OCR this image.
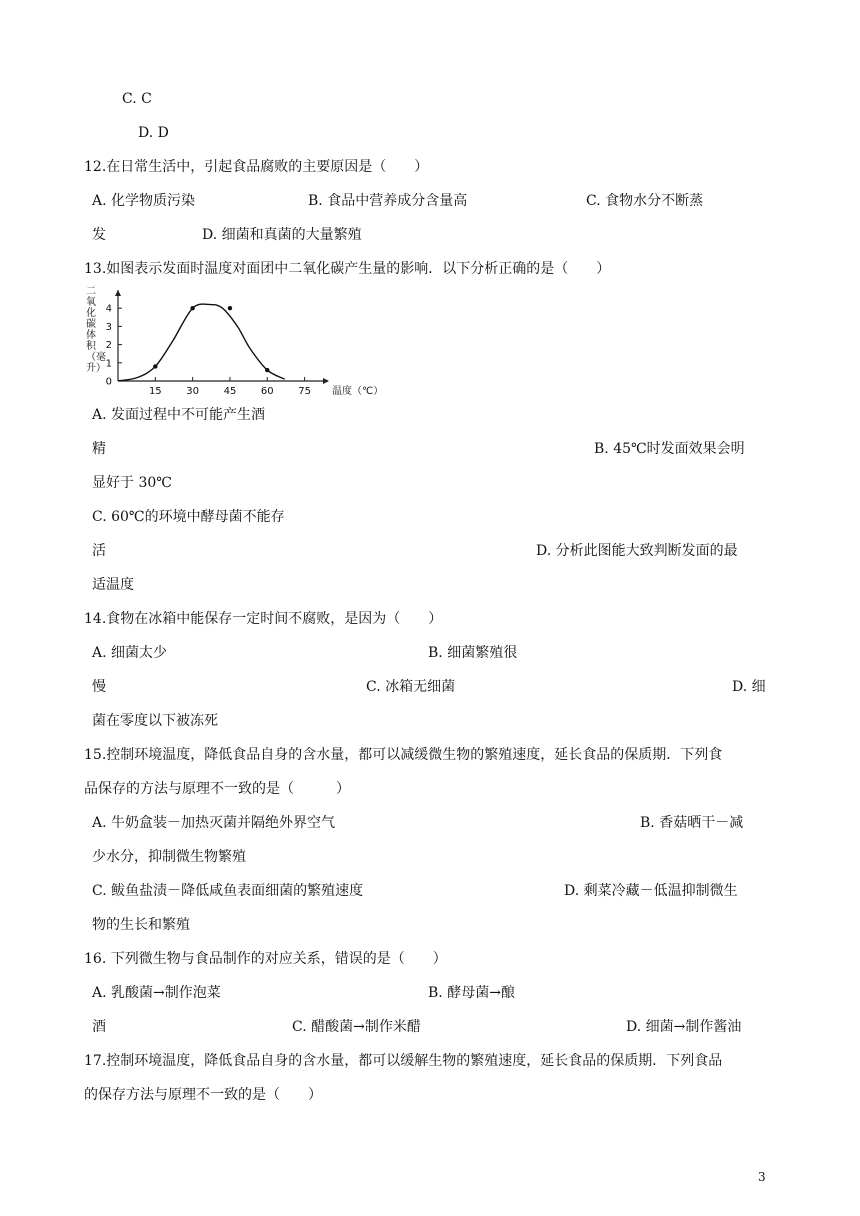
C. C
D. D
12.在日常生活中，引起食品腐败的主要原因是（　　）
A. 化学物质污染	B. 食品中营养成分含量高	C. 食物水分不断蒸
发	D. 细菌和真菌的大量繁殖
13.如图表示发面时温度对面团中二氧化碳产生量的影响．以下分析正确的是（　　）
二氧化碳体积（毫升）
0
1
2
3
4
15 30 45 60 75 温度（℃）
A. 发面过程中不可能产生酒
精	B. 45℃时发面效果会明
显好于 30℃
C. 60℃的环境中酵母菌不能存
活	D. 分析此图能大致判断发面的最
适温度
14.食物在冰箱中能保存一定时间不腐败，是因为（　　）
A. 细菌太少	B. 细菌繁殖很
慢	C. 冰箱无细菌	D. 细
菌在零度以下被冻死
15.控制环境温度，降低食品自身的含水量，都可以减缓微生物的繁殖速度，延长食品的保质期．下列食
品保存的方法与原理不一致的是（　　　）
A. 牛奶盒装－加热灭菌并隔绝外界空气	B. 香菇晒干－减
少水分，抑制微生物繁殖
C. 鲅鱼盐渍－降低咸鱼表面细菌的繁殖速度	D. 剩菜冷藏－低温抑制微生
物的生长和繁殖
16. 下列微生物与食品制作的对应关系，错误的是（　　）
A. 乳酸菌→制作泡菜	B. 酵母菌→酿
酒	C. 醋酸菌→制作米醋	D. 细菌→制作酱油
17.控制环境温度，降低食品自身的含水量，都可以缓解生物的繁殖速度，延长食品的保质期．下列食品
的保存方法与原理不一致的是（　　）
3
